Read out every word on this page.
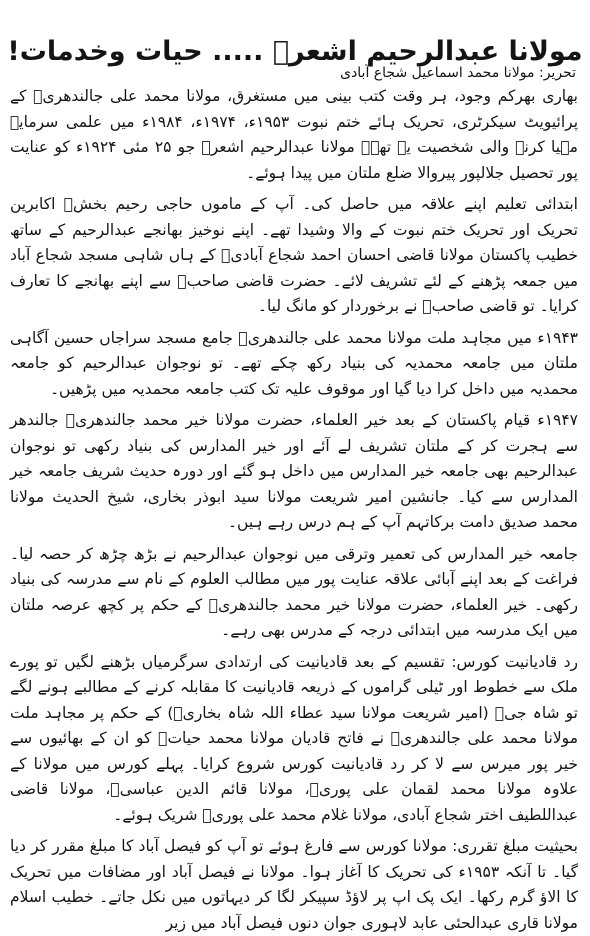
مولانا عبدالرحیم اشعرؒ ..... حیات وخدمات!
تحریر: مولانا محمد اسماعیل شجاع آبادی

بھاری بھرکم وجود، ہر وقت کتب بینی میں مستغرق، مولانا محمد علی جالندھریؒ کے پرائیویٹ سیکرٹری، تحریک ہائے ختم نبوت ۱۹۵۳ء، ۱۹۷۴ء، ۱۹۸۴ء میں علمی سرمایہ مہیا کرنے والی شخصیت یہ تھے۔ مولانا عبدالرحیم اشعرؒ جو ۲۵ مئی ۱۹۲۴ء کو عنایت پور تحصیل جلالپور پیروالا ضلع ملتان میں پیدا ہوئے۔

ابتدائی تعلیم اپنے علاقہ میں حاصل کی۔ آپ کے ماموں حاجی رحیم بخشؒ اکابرین تحریک اور تحریک ختم نبوت کے والا وشیدا تھے۔ اپنے نوخیز بھانجے عبدالرحیم کے ساتھ خطیب پاکستان مولانا قاضی احسان احمد شجاع آبادیؒ کے ہاں شاہی مسجد شجاع آباد میں جمعہ پڑھنے کے لئے تشریف لائے۔ حضرت قاضی صاحبؒ سے اپنے بھانجے کا تعارف کرایا۔ تو قاضی صاحبؒ نے برخوردار کو مانگ لیا۔

۱۹۴۳ء میں مجاہد ملت مولانا محمد علی جالندھریؒ جامع مسجد سراجاں حسین آگاہی ملتان میں جامعہ محمدیہ کی بنیاد رکھ چکے تھے۔ تو نوجوان عبدالرحیم کو جامعہ محمدیہ میں داخل کرا دیا گیا اور موقوف علیہ تک کتب جامعہ محمدیہ میں پڑھیں۔

۱۹۴۷ء قیام پاکستان کے بعد خیر العلماء، حضرت مولانا خیر محمد جالندھریؒ جالندھر سے ہجرت کر کے ملتان تشریف لے آئے اور خیر المدارس کی بنیاد رکھی تو نوجوان عبدالرحیم بھی جامعہ خیر المدارس میں داخل ہو گئے اور دورہ حدیث شریف جامعہ خیر المدارس سے کیا۔ جانشین امیر شریعت مولانا سید ابوذر بخاری، شیخ الحدیث مولانا محمد صدیق دامت برکاتہم آپ کے ہم درس رہے ہیں۔

جامعہ خیر المدارس کی تعمیر وترقی میں نوجوان عبدالرحیم نے بڑھ چڑھ کر حصہ لیا۔ فراغت کے بعد اپنے آبائی علاقہ عنایت پور میں مطالب العلوم کے نام سے مدرسہ کی بنیاد رکھی۔ خیر العلماء، حضرت مولانا خیر محمد جالندھریؒ کے حکم پر کچھ عرصہ ملتان میں ایک مدرسہ میں ابتدائی درجہ کے مدرس بھی رہے۔

رد قادیانیت کورس: تقسیم کے بعد قادیانیت کی ارتدادی سرگرمیاں بڑھنے لگیں تو پورے ملک سے خطوط اور ٹیلی گراموں کے ذریعہ قادیانیت کا مقابلہ کرنے کے مطالبے ہونے لگے تو شاہ جیؒ (امیر شریعت مولانا سید عطاء اللہ شاہ بخاریؒ) کے حکم پر مجاہد ملت مولانا محمد علی جالندھریؒ نے فاتح قادیان مولانا محمد حیاتؒ کو ان کے بھائیوں سے خیر پور میرس سے لا کر رد قادیانیت کورس شروع کرایا۔ پہلے کورس میں مولانا کے علاوہ مولانا محمد لقمان علی پوریؒ، مولانا قائم الدین عباسیؒ، مولانا قاضی عبداللطیف اختر شجاع آبادی، مولانا غلام محمد علی پوریؒ شریک ہوئے۔

بحیثیت مبلغ تقرری: مولانا کورس سے فارغ ہوئے تو آپ کو فیصل آباد کا مبلغ مقرر کر دیا گیا۔ تا آنکہ ۱۹۵۳ء کی تحریک کا آغاز ہوا۔ مولانا نے فیصل آباد اور مضافات میں تحریک کا الاؤ گرم رکھا۔ ایک پک اپ پر لاؤڈ سپیکر لگا کر دیہاتوں میں نکل جاتے۔ خطیب اسلام مولانا قاری عبدالحئی عابد لاہوری جوان دنوں فیصل آباد میں زیر
